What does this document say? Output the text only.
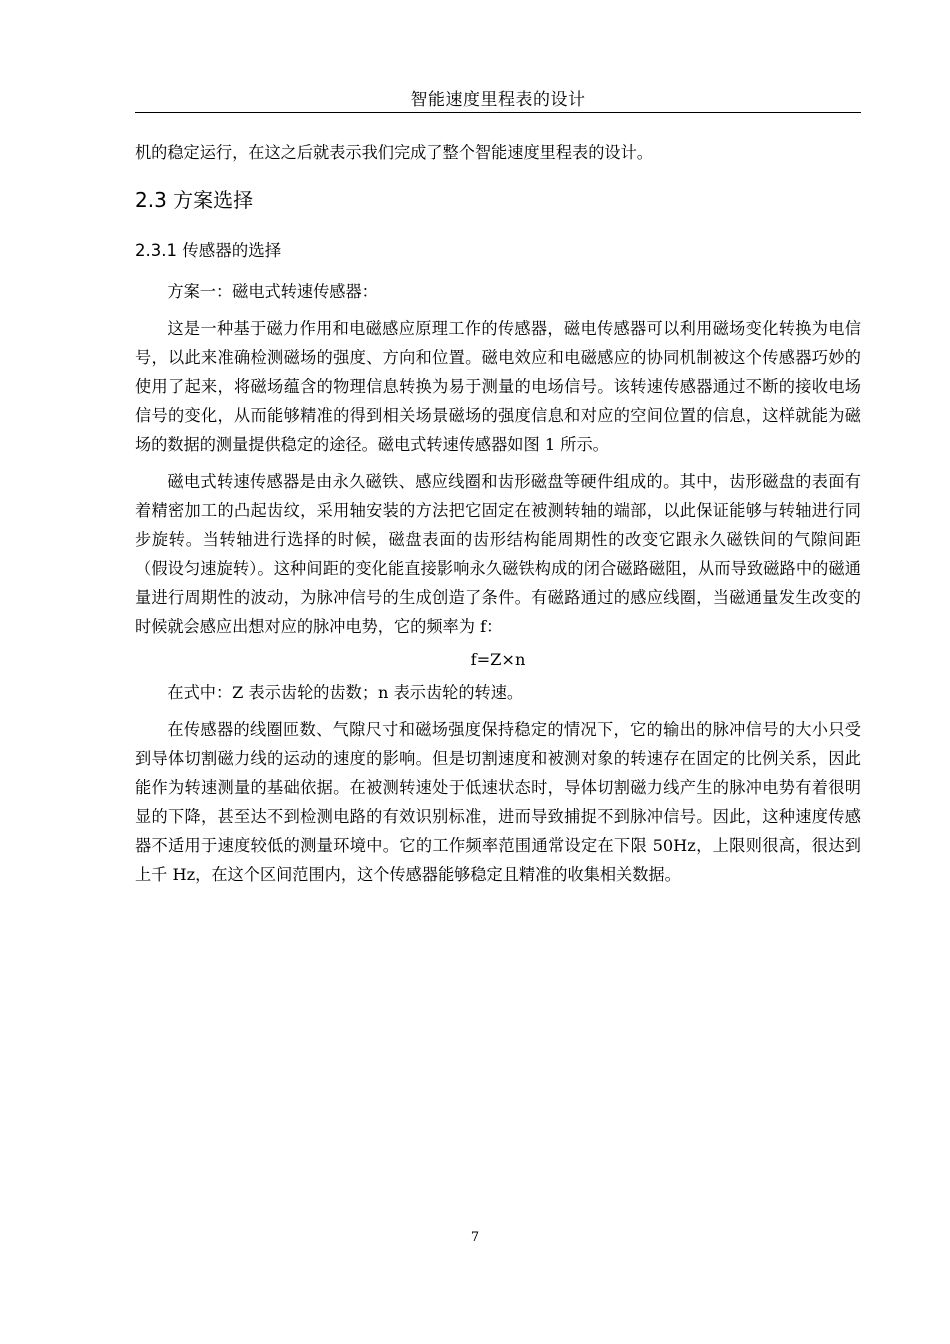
智能速度里程表的设计

机的稳定运行，在这之后就表示我们完成了整个智能速度里程表的设计。

2.3 方案选择
2.3.1 传感器的选择

方案一：磁电式转速传感器：

这是一种基于磁力作用和电磁感应原理工作的传感器，磁电传感器可以利用磁场变化转换为电信号，以此来准确检测磁场的强度、方向和位置。磁电效应和电磁感应的协同机制被这个传感器巧妙的使用了起来，将磁场蕴含的物理信息转换为易于测量的电场信号。该转速传感器通过不断的接收电场信号的变化，从而能够精准的得到相关场景磁场的强度信息和对应的空间位置的信息，这样就能为磁场的数据的测量提供稳定的途径。磁电式转速传感器如图 1 所示。

磁电式转速传感器是由永久磁铁、感应线圈和齿形磁盘等硬件组成的。其中，齿形磁盘的表面有着精密加工的凸起齿纹，采用轴安装的方法把它固定在被测转轴的端部，以此保证能够与转轴进行同步旋转。当转轴进行选择的时候，磁盘表面的齿形结构能周期性的改变它跟永久磁铁间的气隙间距（假设匀速旋转）。这种间距的变化能直接影响永久磁铁构成的闭合磁路磁阻，从而导致磁路中的磁通量进行周期性的波动，为脉冲信号的生成创造了条件。有磁路通过的感应线圈，当磁通量发生改变的时候就会感应出想对应的脉冲电势，它的频率为 f：

f=Z×n

在式中：Z 表示齿轮的齿数；n 表示齿轮的转速。

在传感器的线圈匝数、气隙尺寸和磁场强度保持稳定的情况下，它的输出的脉冲信号的大小只受到导体切割磁力线的运动的速度的影响。但是切割速度和被测对象的转速存在固定的比例关系，因此能作为转速测量的基础依据。在被测转速处于低速状态时，导体切割磁力线产生的脉冲电势有着很明显的下降，甚至达不到检测电路的有效识别标准，进而导致捕捉不到脉冲信号。因此，这种速度传感器不适用于速度较低的测量环境中。它的工作频率范围通常设定在下限 50Hz，上限则很高，很达到上千 Hz，在这个区间范围内，这个传感器能够稳定且精准的收集相关数据。

7
